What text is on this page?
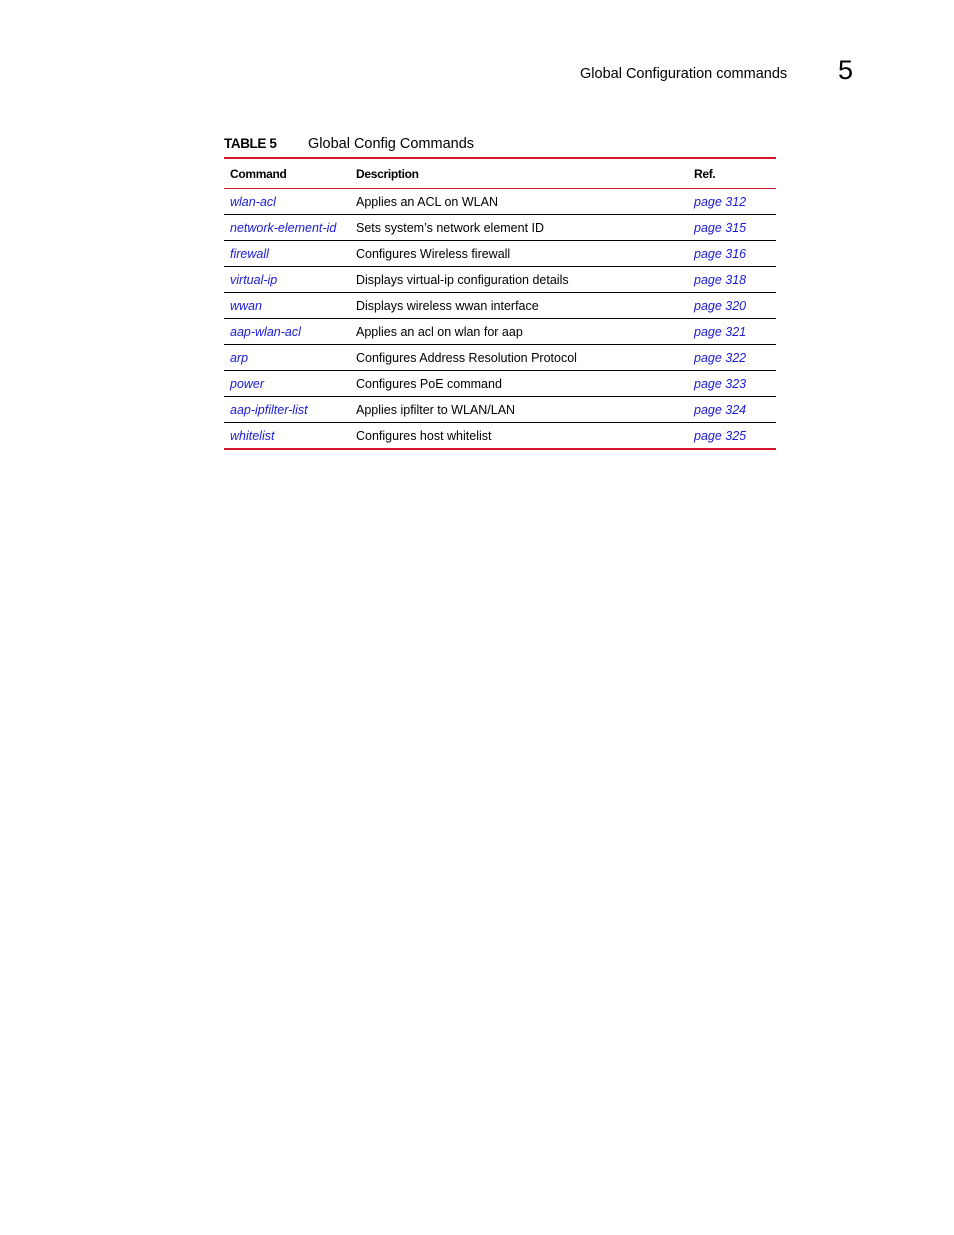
Global Configuration commands 5
TABLE 5 Global Config Commands
Command	Description	Ref.
wlan-acl	Applies an ACL on WLAN	page 312
network-element-id	Sets system’s network element ID	page 315
firewall	Configures Wireless firewall	page 316
virtual-ip	Displays virtual-ip configuration details	page 318
wwan	Displays wireless wwan interface	page 320
aap-wlan-acl	Applies an acl on wlan for aap	page 321
arp	Configures Address Resolution Protocol	page 322
power	Configures PoE command	page 323
aap-ipfilter-list	Applies ipfilter to WLAN/LAN	page 324
whitelist	Configures host whitelist	page 325
